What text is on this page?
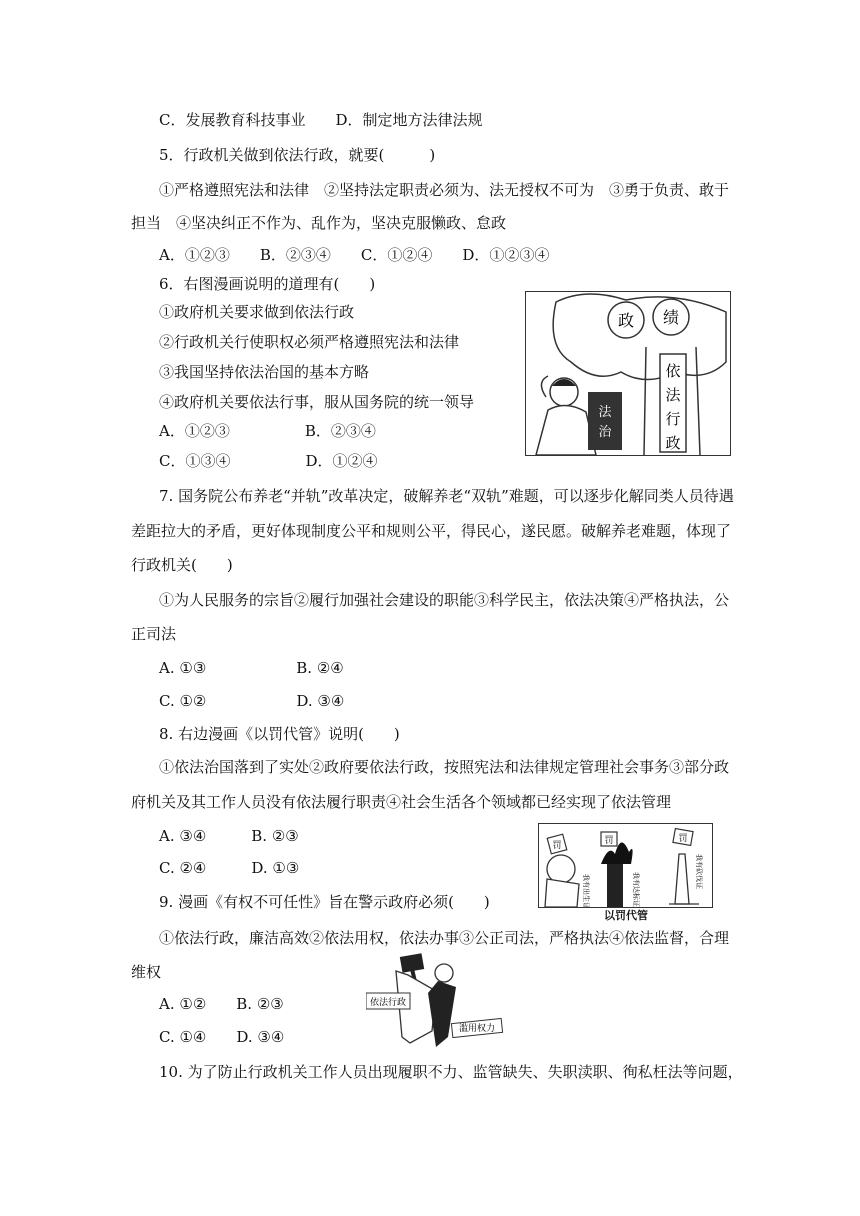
C．发展教育科技事业　　D．制定地方法律法规
5．行政机关做到依法行政，就要(　　　)
①严格遵照宪法和法律　②坚持法定职责必须为、法无授权不可为　③勇于负责、敢于
担当　④坚决纠正不作为、乱作为，坚决克服懒政、怠政
A．①②③　　B．②③④　　C．①②④　　D．①②③④
6．右图漫画说明的道理有(　　)
①政府机关要求做到依法行政
②行政机关行使职权必须严格遵照宪法和法律
③我国坚持依法治国的基本方略
④政府机关要依法行事，服从国务院的统一领导
A．①②③　　　　　B．②③④
C．①③④　　　　　D．①②④
政 绩
依
法
行
政
法
治
7. 国务院公布养老“并轨”改革决定，破解养老“双轨”难题，可以逐步化解同类人员待遇
差距拉大的矛盾，更好体现制度公平和规则公平，得民心，遂民愿。破解养老难题，体现了
行政机关(　　)
①为人民服务的宗旨②履行加强社会建设的职能③科学民主，依法决策④严格执法，公
正司法
A. ①③　　　　　　B. ②④
C. ①②　　　　　　D. ③④
8. 右边漫画《以罚代管》说明(　　)
①依法治国落到了实处②政府要依法行政，按照宪法和法律规定管理社会事务③部分政
府机关及其工作人员没有依法履行职责④社会生活各个领域都已经实现了依法管理
A. ③④　　　B. ②③
C. ②④　　　D. ①③
罚
我有出生证
罚
我有达标证
罚
我有砍伐证
以罚代管
9. 漫画《有权不可任性》旨在警示政府必须(　　)
①依法行政，廉洁高效②依法用权，依法办事③公正司法，严格执法④依法监督，合理
维权
A. ①②　　B. ②③
C. ①④　　D. ③④
依法行政
滥用权力
10. 为了防止行政机关工作人员出现履职不力、监管缺失、失职渎职、徇私枉法等问题，
